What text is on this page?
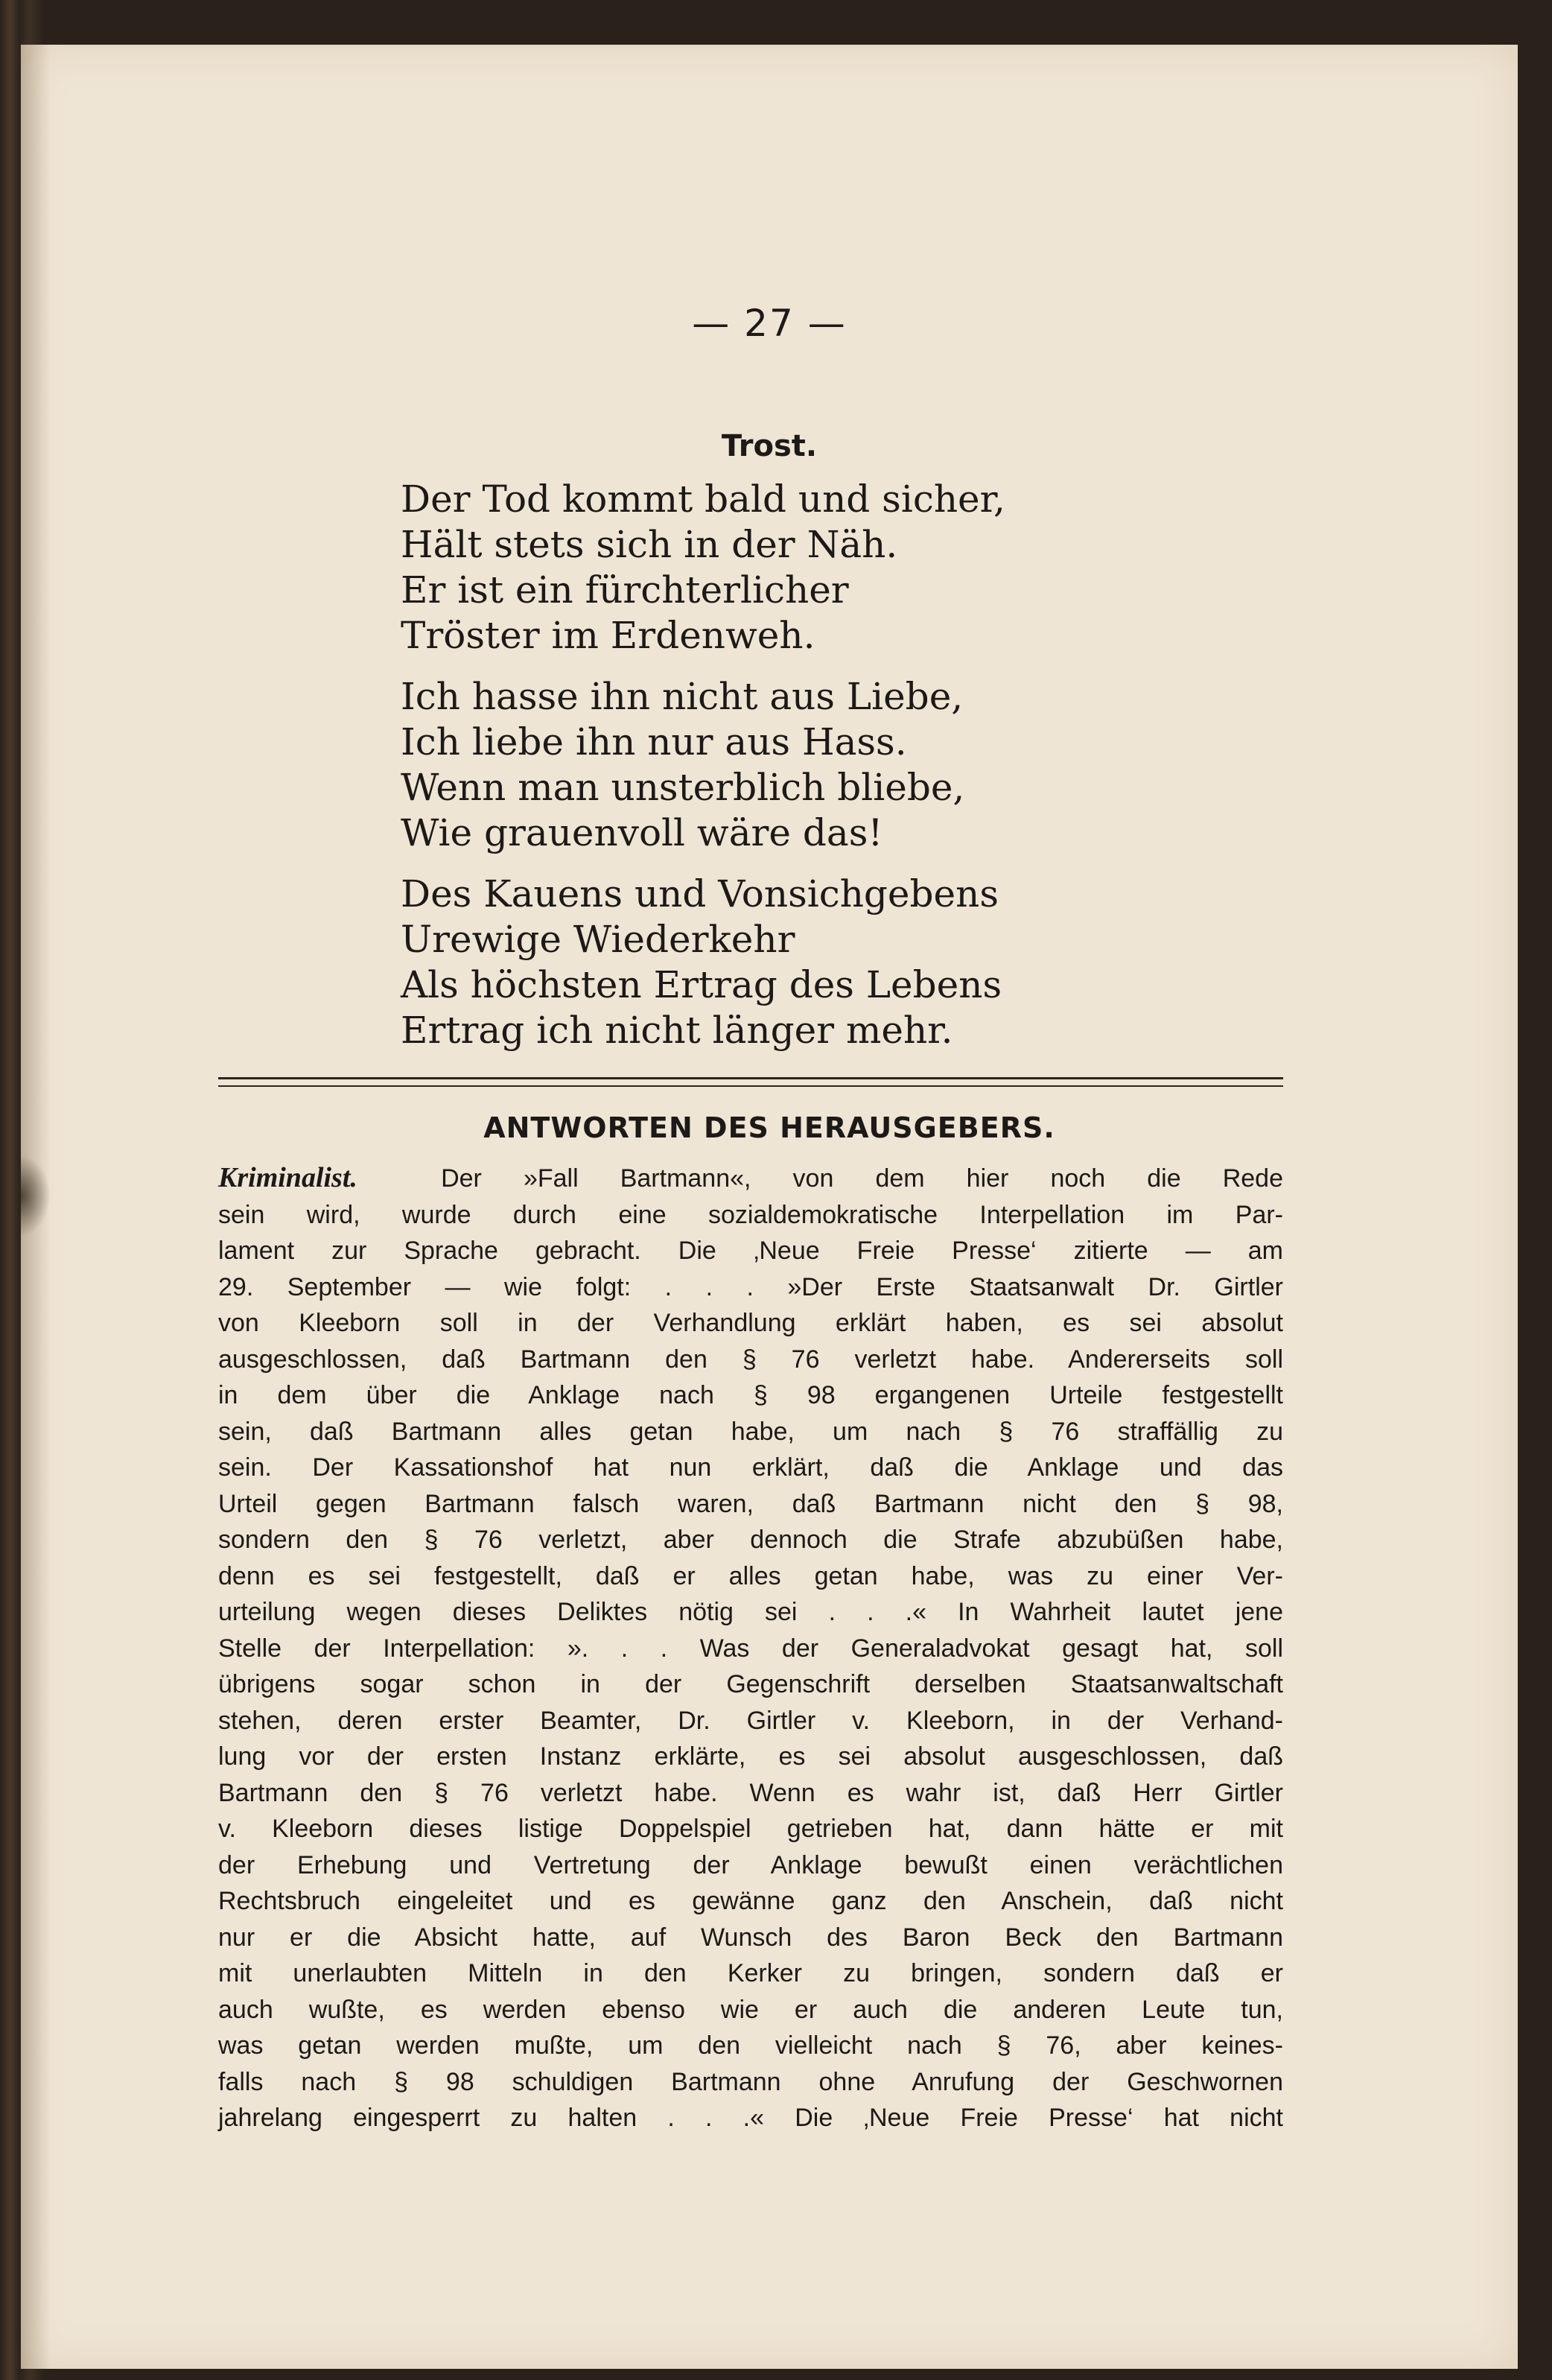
— 27 —
Trost.
Der Tod kommt bald und sicher,
Hält stets sich in der Näh.
Er ist ein fürchterlicher
Tröster im Erdenweh.
Ich hasse ihn nicht aus Liebe,
Ich liebe ihn nur aus Hass.
Wenn man unsterblich bliebe,
Wie grauenvoll wäre das!
Des Kauens und Vonsichgebens
Urewige Wiederkehr
Als höchsten Ertrag des Lebens
Ertrag ich nicht länger mehr.
ANTWORTEN DES HERAUSGEBERS.
Kriminalist.	Der »Fall Bartmann«, von dem hier noch die Rede
sein wird, wurde durch eine sozialdemokratische Interpellation im Par-
lament zur Sprache gebracht. Die ‚Neue Freie Presse‘ zitierte — am
29. September — wie folgt: . . . »Der Erste Staatsanwalt Dr. Girtler
von Kleeborn soll in der Verhandlung erklärt haben, es sei absolut
ausgeschlossen, daß Bartmann den § 76 verletzt habe. Andererseits soll
in dem über die Anklage nach § 98 ergangenen Urteile festgestellt
sein, daß Bartmann alles getan habe, um nach § 76 straffällig zu
sein. Der Kassationshof hat nun erklärt, daß die Anklage und das
Urteil gegen Bartmann falsch waren, daß Bartmann nicht den § 98,
sondern den § 76 verletzt, aber dennoch die Strafe abzubüßen habe,
denn es sei festgestellt, daß er alles getan habe, was zu einer Ver-
urteilung wegen dieses Deliktes nötig sei . . .« In Wahrheit lautet jene
Stelle der Interpellation: ». . . Was der Generaladvokat gesagt hat, soll
übrigens sogar schon in der Gegenschrift derselben Staatsanwaltschaft
stehen, deren erster Beamter, Dr. Girtler v. Kleeborn, in der Verhand-
lung vor der ersten Instanz erklärte, es sei absolut ausgeschlossen, daß
Bartmann den § 76 verletzt habe. Wenn es wahr ist, daß Herr Girtler
v. Kleeborn dieses listige Doppelspiel getrieben hat, dann hätte er mit
der Erhebung und Vertretung der Anklage bewußt einen verächtlichen
Rechtsbruch eingeleitet und es gewänne ganz den Anschein, daß nicht
nur er die Absicht hatte, auf Wunsch des Baron Beck den Bartmann
mit unerlaubten Mitteln in den Kerker zu bringen, sondern daß er
auch wußte, es werden ebenso wie er auch die anderen Leute tun,
was getan werden mußte, um den vielleicht nach § 76, aber keines-
falls nach § 98 schuldigen Bartmann ohne Anrufung der Geschwornen
jahrelang eingesperrt zu halten . . .« Die ‚Neue Freie Presse‘ hat nicht
